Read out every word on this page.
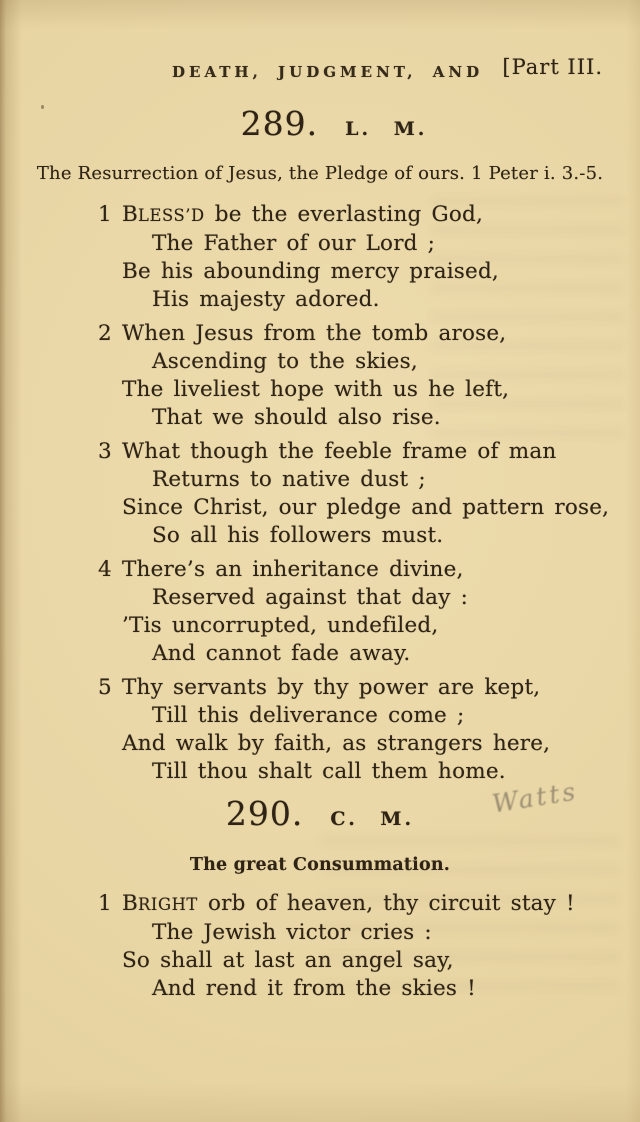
DEATH, JUDGMENT, AND [Part III.
289. L. M.
The Resurrection of Jesus, the Pledge of ours. 1 Peter i. 3.-5.
1 BLESS’D be the everlasting God,
The Father of our Lord ;
Be his abounding mercy praised,
His majesty adored.
2 When Jesus from the tomb arose,
Ascending to the skies,
The liveliest hope with us he left,
That we should also rise.
3 What though the feeble frame of man
Returns to native dust ;
Since Christ, our pledge and pattern rose,
So all his followers must.
4 There’s an inheritance divine,
Reserved against that day :
’Tis uncorrupted, undefiled,
And cannot fade away.
5 Thy servants by thy power are kept,
Till this deliverance come ;
And walk by faith, as strangers here,
Till thou shalt call them home.
290. C. M.
Watts
The great Consummation.
1 BRIGHT orb of heaven, thy circuit stay !
The Jewish victor cries :
So shall at last an angel say,
And rend it from the skies !
